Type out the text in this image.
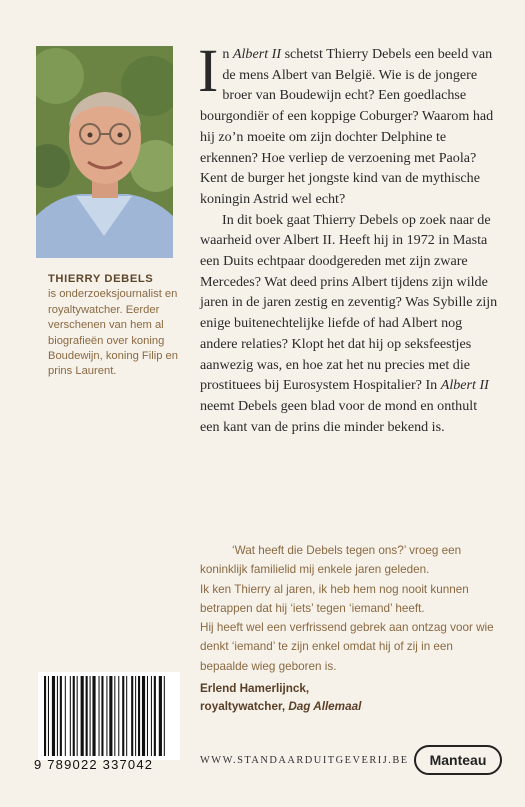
THIERRY DEBELS
is onderzoeksjournalist en royaltywatcher. Eerder verschenen van hem al biografieën over koning Boudewijn, koning Filip en prins Laurent.

In Albert II schetst Thierry Debels een beeld van de mens Albert van België. Wie is de jongere broer van Boudewijn echt? Een goedlachse bourgondiër of een koppige Coburger? Waarom had hij zo’n moeite om zijn dochter Delphine te erkennen? Hoe verliep de verzoening met Paola? Kent de burger het jongste kind van de mythische koningin Astrid wel echt?

In dit boek gaat Thierry Debels op zoek naar de waarheid over Albert II. Heeft hij in 1972 in Masta een Duits echtpaar doodgereden met zijn zware Mercedes? Wat deed prins Albert tijdens zijn wilde jaren in de jaren zestig en zeventig? Was Sybille zijn enige buitenechtelijke liefde of had Albert nog andere relaties? Klopt het dat hij op seksfeestjes aanwezig was, en hoe zat het nu precies met die prostituees bij Eurosystem Hospitalier? In Albert II neemt Debels geen blad voor de mond en onthult een kant van de prins die minder bekend is.

‘Wat heeft die Debels tegen ons?’ vroeg een koninklijk familielid mij enkele jaren geleden.

Ik ken Thierry al jaren, ik heb hem nog nooit kunnen betrappen dat hij ‘iets’ tegen ‘iemand’ heeft.

Hij heeft wel een verfrissend gebrek aan ontzag voor wie denkt ‘iemand’ te zijn enkel omdat hij of zij in een bepaalde wieg geboren is.

Erlend Hamerlijnck,
royaltywatcher, Dag Allemaal
9 789022 337042	WWW.STANDAARDUITGEVERIJ.BE	Manteau
